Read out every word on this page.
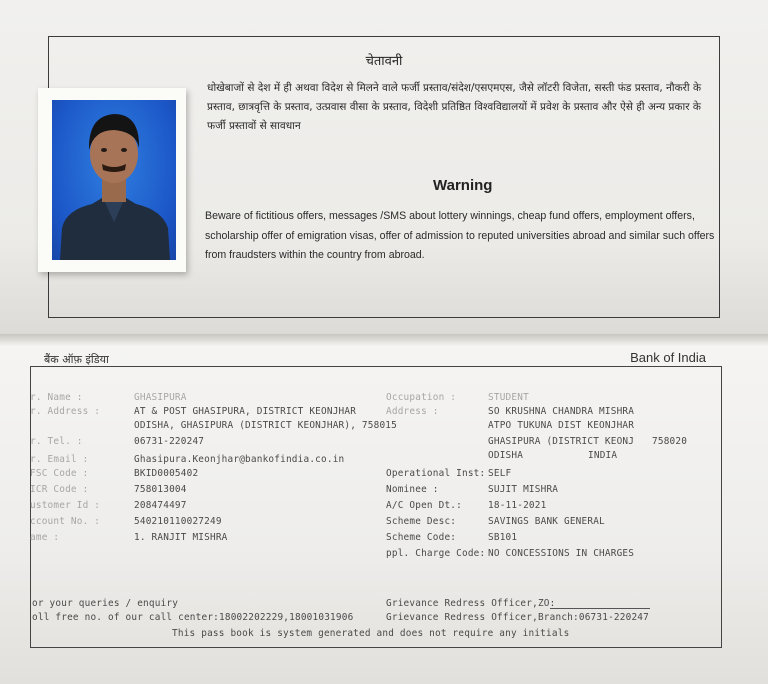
चेतावनी
धोखेबाजों से देश में ही अथवा विदेश से मिलने वाले फर्जी प्रस्ताव/संदेश/एसएमएस, जैसे लॉटरी विजेता, सस्ती फंड प्रस्ताव, नौकरी के प्रस्ताव, छात्रवृत्ति के प्रस्ताव, उत्प्रवास वीसा के प्रस्ताव, विदेशी प्रतिष्ठित विश्वविद्यालयों में प्रवेश के प्रस्ताव और ऐसे ही अन्य प्रकार के फर्जी प्रस्तावों से सावधान
Warning
Beware of fictitious offers, messages /SMS about lottery winnings, cheap fund offers, employment offers, scholarship offer of emigration visas, offer of admission to reputed universities abroad and similar such offers from fraudsters within the country from abroad.
बैंक ऑफ़ इंडिया	Bank of India
r. Name :
r. Address :
r. Tel. :
r. Email :
FSC Code :
ICR Code :
ustomer Id :
ccount No. :
ame :
GHASIPURA
AT & POST GHASIPURA, DISTRICT KEONJHAR
ODISHA, GHASIPURA (DISTRICT KEONJHAR), 758015
06731-220247
Ghasipura.Keonjhar@bankofindia.co.in
BKID0005402
758013004
208474497
540210110027249
1. RANJIT MISHRA
Occupation :
Address :
Operational Inst:
Nominee :
A/C Open Dt.:
Scheme Desc:
Scheme Code:
ppl. Charge Code:
STUDENT
SO KRUSHNA CHANDRA MISHRA
ATPO TUKUNA DIST KEONJHAR
GHASIPURA (DISTRICT KEONJ 758020
ODISHA	INDIA
SELF
SUJIT MISHRA
18-11-2021
SAVINGS BANK GENERAL
SB101
NO CONCESSIONS IN CHARGES
or your queries / enquiry
oll free no. of our call center:18002202229,18001031906
Grievance Redress Officer,ZO:
Grievance Redress Officer,Branch:06731-220247
This pass book is system generated and does not require any initials
